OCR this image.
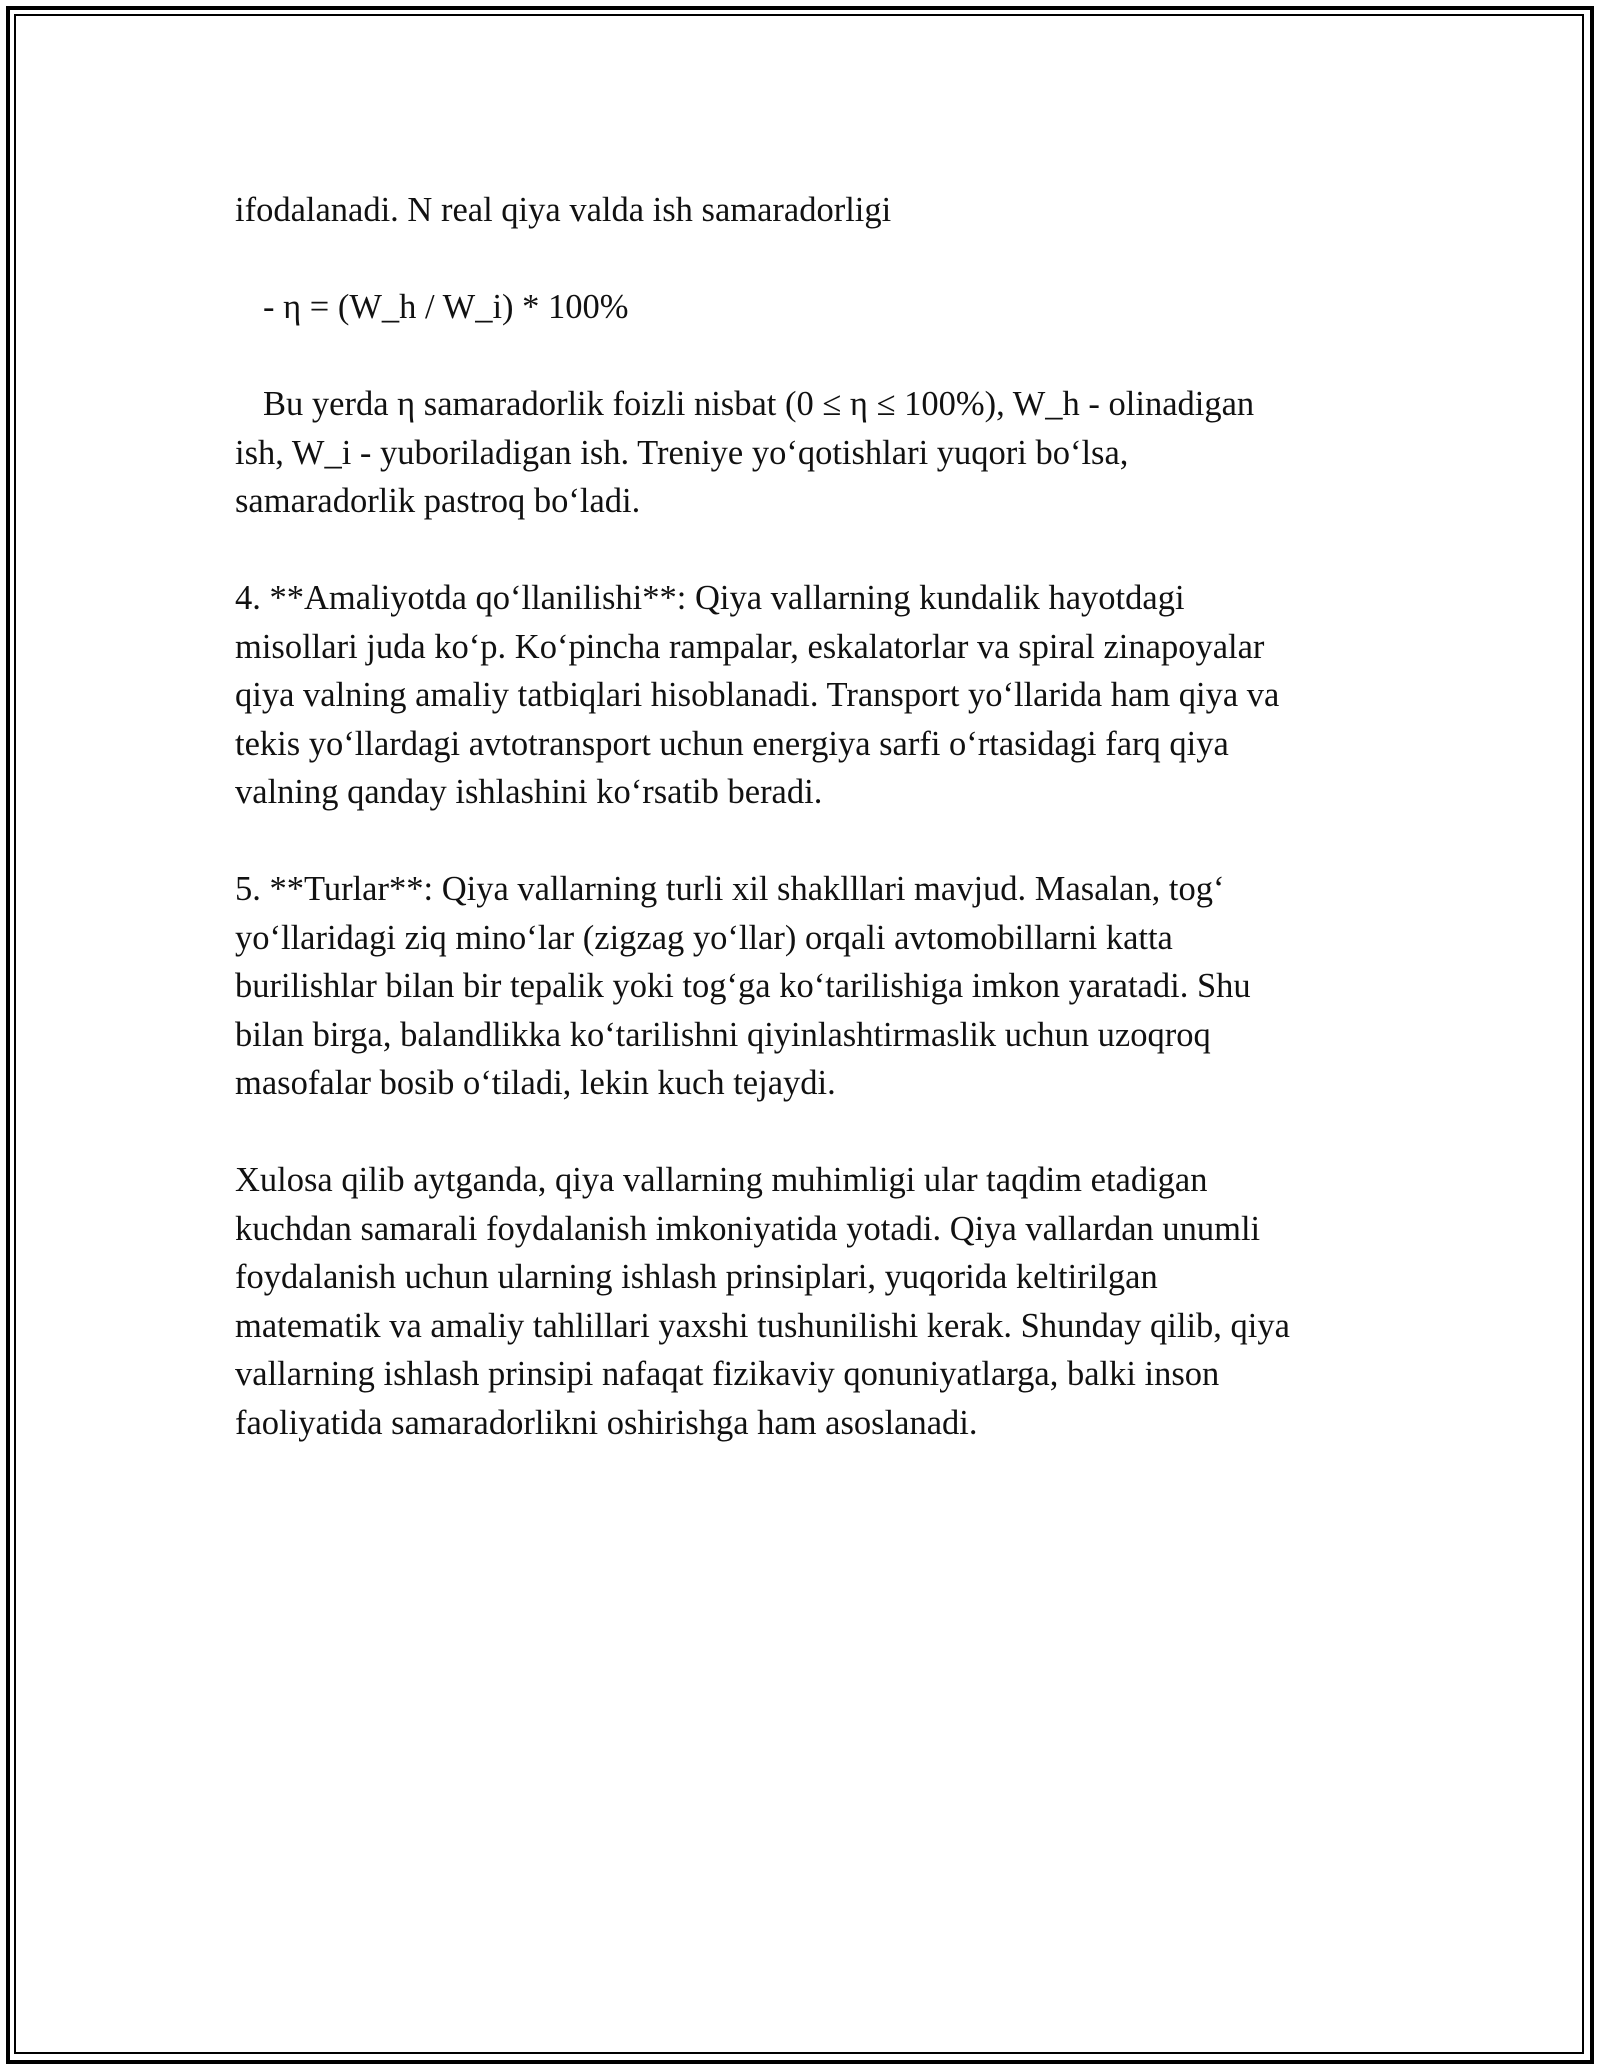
ifodalanadi. N real qiya valda ish samaradorligi

- η = (W_h / W_i) * 100%

Bu yerda η samaradorlik foizli nisbat (0 ≤ η ≤ 100%), W_h - olinadigan
ish, W_i - yuboriladigan ish. Treniye yo‘qotishlari yuqori bo‘lsa,
samaradorlik pastroq bo‘ladi.

4. **Amaliyotda qo‘llanilishi**: Qiya vallarning kundalik hayotdagi
misollari juda ko‘p. Ko‘pincha rampalar, eskalatorlar va spiral zinapoyalar
qiya valning amaliy tatbiqlari hisoblanadi. Transport yo‘llarida ham qiya va
tekis yo‘llardagi avtotransport uchun energiya sarfi o‘rtasidagi farq qiya
valning qanday ishlashini ko‘rsatib beradi.

5. **Turlar**: Qiya vallarning turli xil shaklllari mavjud. Masalan, tog‘
yo‘llaridagi ziq mino‘lar (zigzag yo‘llar) orqali avtomobillarni katta
burilishlar bilan bir tepalik yoki tog‘ga ko‘tarilishiga imkon yaratadi. Shu
bilan birga, balandlikka ko‘tarilishni qiyinlashtirmaslik uchun uzoqroq
masofalar bosib o‘tiladi, lekin kuch tejaydi.

Xulosa qilib aytganda, qiya vallarning muhimligi ular taqdim etadigan
kuchdan samarali foydalanish imkoniyatida yotadi. Qiya vallardan unumli
foydalanish uchun ularning ishlash prinsiplari, yuqorida keltirilgan
matematik va amaliy tahlillari yaxshi tushunilishi kerak. Shunday qilib, qiya
vallarning ishlash prinsipi nafaqat fizikaviy qonuniyatlarga, balki inson
faoliyatida samaradorlikni oshirishga ham asoslanadi.
